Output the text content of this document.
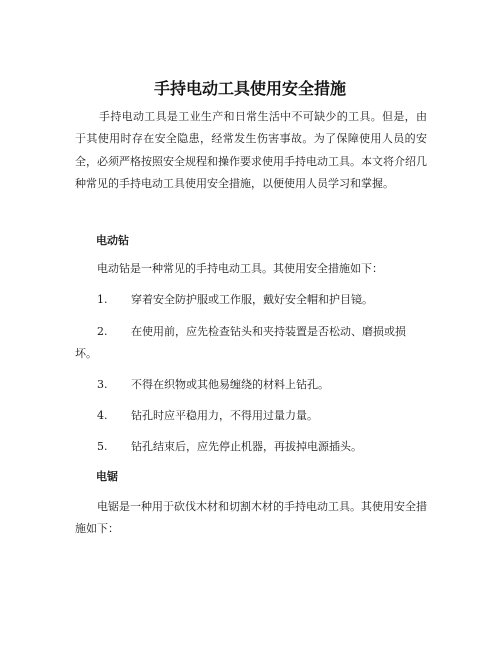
手持电动工具使用安全措施

手持电动工具是工业生产和日常生活中不可缺少的工具。但是，由于其使用时存在安全隐患，经常发生伤害事故。为了保障使用人员的安全，必须严格按照安全规程和操作要求使用手持电动工具。本文将介绍几种常见的手持电动工具使用安全措施，以便使用人员学习和掌握。

电动钻

电动钻是一种常见的手持电动工具。其使用安全措施如下：

1. 穿着安全防护服或工作服，戴好安全帽和护目镜。
2. 在使用前，应先检查钻头和夹持装置是否松动、磨损或损坏。
3. 不得在织物或其他易缠绕的材料上钻孔。
4. 钻孔时应平稳用力，不得用过量力量。
5. 钻孔结束后，应先停止机器，再拔掉电源插头。

电锯

电锯是一种用于砍伐木材和切割木材的手持电动工具。其使用安全措施如下：
